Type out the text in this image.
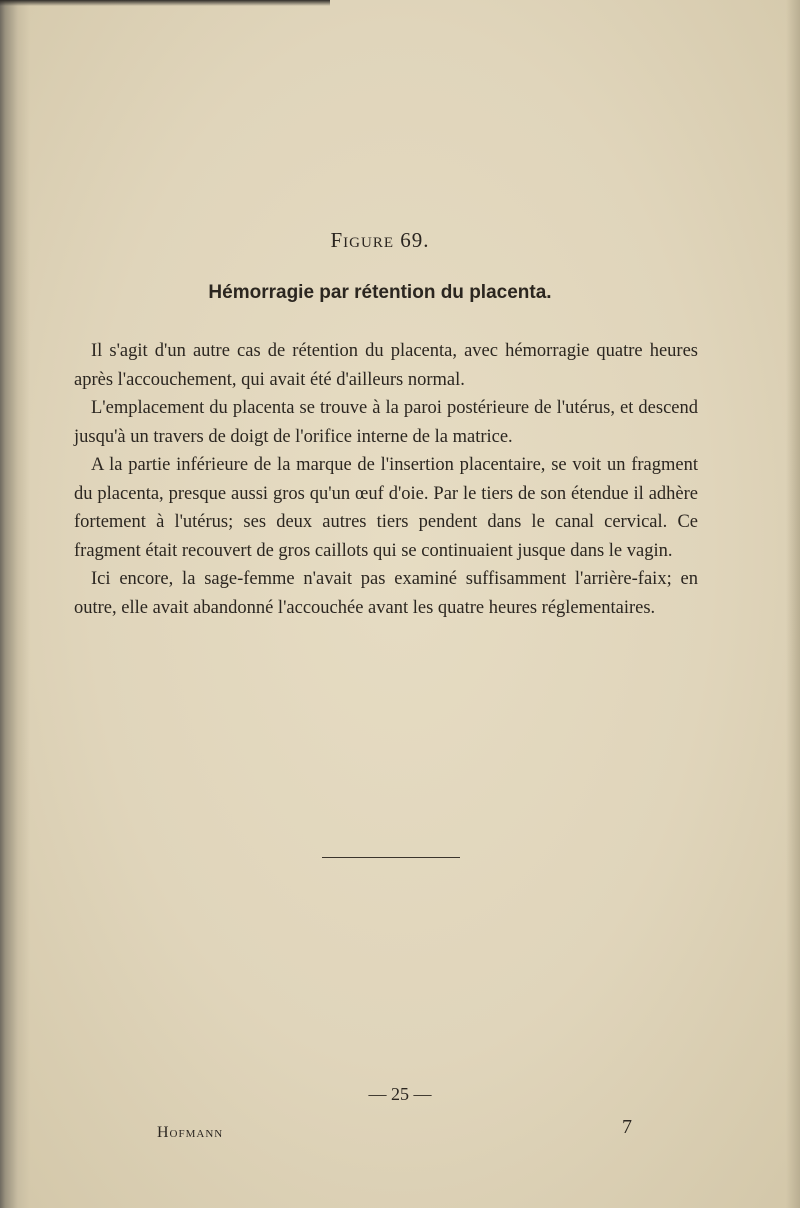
Figure 69.
Hémorragie par rétention du placenta.

Il s'agit d'un autre cas de rétention du placenta, avec hémorragie quatre heures après l'accouchement, qui avait été d'ailleurs normal.

L'emplacement du placenta se trouve à la paroi postérieure de l'utérus, et descend jusqu'à un travers de doigt de l'orifice interne de la matrice.

A la partie inférieure de la marque de l'insertion placentaire, se voit un fragment du placenta, presque aussi gros qu'un œuf d'oie. Par le tiers de son étendue il adhère fortement à l'utérus; ses deux autres tiers pendent dans le canal cervical. Ce fragment était recouvert de gros caillots qui se continuaient jusque dans le vagin.

Ici encore, la sage-femme n'avait pas examiné suffisamment l'arrière-faix; en outre, elle avait abandonné l'accouchée avant les quatre heures réglementaires.

— 25 —
Hofmann	7
